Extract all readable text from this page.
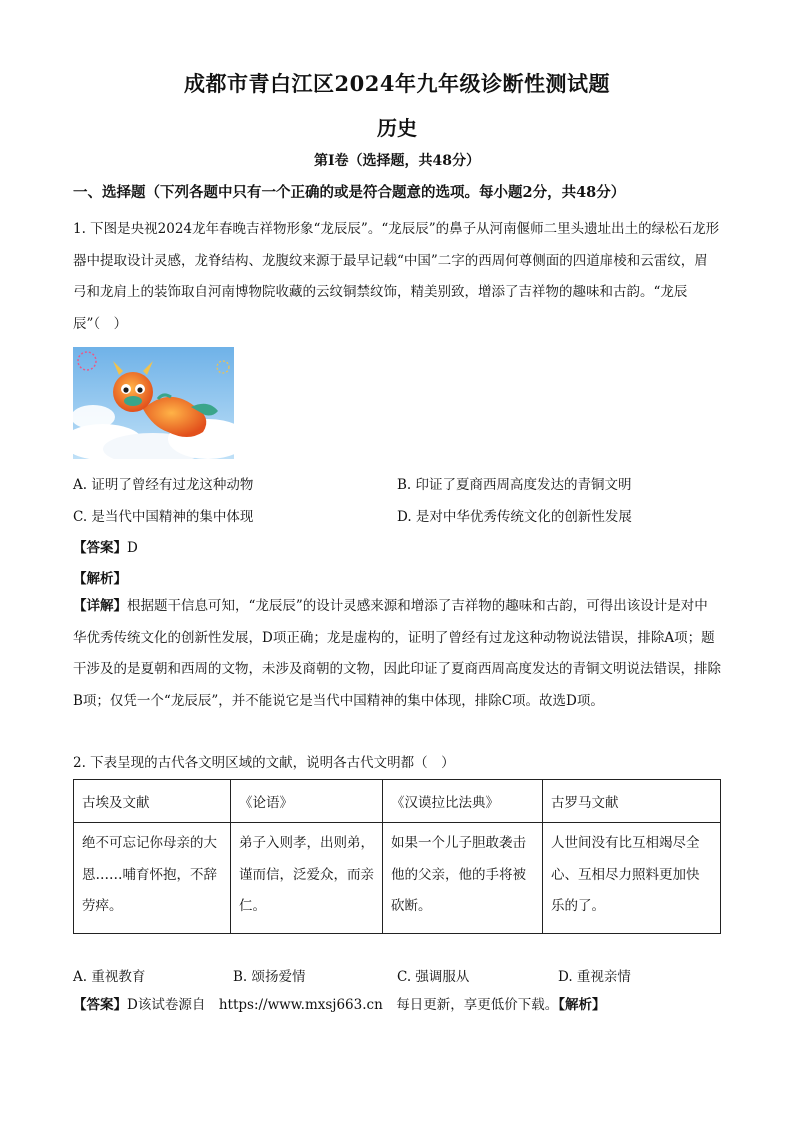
成都市青白江区2024年九年级诊断性测试题
历史
第Ⅰ卷（选择题，共48分）
一、选择题（下列各题中只有一个正确的或是符合题意的选项。每小题2分，共48分）
1. 下图是央视2024龙年春晚吉祥物形象“龙辰辰”。“龙辰辰”的鼻子从河南偃师二里头遗址出土的绿松石龙形器中提取设计灵感，龙脊结构、龙腹纹来源于最早记载“中国”二字的西周何尊侧面的四道扉棱和云雷纹，眉弓和龙肩上的装饰取自河南博物院收藏的云纹铜禁纹饰，精美别致，增添了吉祥物的趣味和古韵。“龙辰辰”（　）
A. 证明了曾经有过龙这种动物	B. 印证了夏商西周高度发达的青铜文明
C. 是当代中国精神的集中体现	D. 是对中华优秀传统文化的创新性发展
【答案】D
【解析】
【详解】根据题干信息可知，“龙辰辰”的设计灵感来源和增添了吉祥物的趣味和古韵，可得出该设计是对中华优秀传统文化的创新性发展，D项正确；龙是虚构的，证明了曾经有过龙这种动物说法错误，排除A项；题干涉及的是夏朝和西周的文物，未涉及商朝的文物，因此印证了夏商西周高度发达的青铜文明说法错误，排除B项；仅凭一个“龙辰辰”，并不能说它是当代中国精神的集中体现，排除C项。故选D项。
2. 下表呈现的古代各文明区域的文献，说明各古代文明都（　）
古埃及文献	《论语》	《汉谟拉比法典》	古罗马文献
绝不可忘记你母亲的大恩……哺育怀抱，不辞劳瘁。	弟子入则孝，出则弟，谨而信，泛爱众，而亲仁。	如果一个儿子胆敢袭击他的父亲，他的手将被砍断。	人世间没有比互相竭尽全心、互相尽力照料更加快乐的了。
A. 重视教育	B. 颂扬爱情	C. 强调服从	D. 重视亲情
【答案】D该试卷源自　https://www.mxsj663.cn　每日更新，享更低价下载。【解析】
